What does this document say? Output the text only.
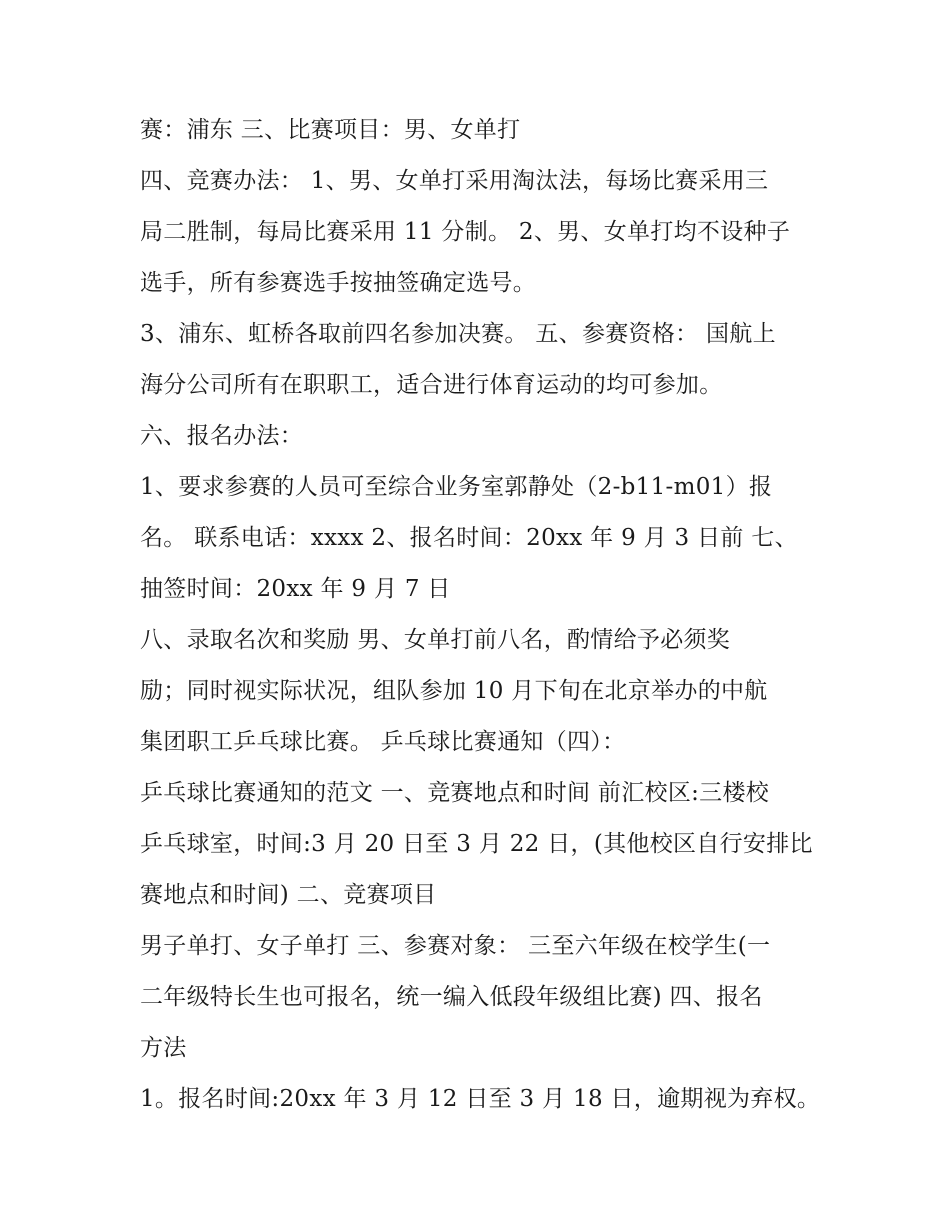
赛：浦东 三、比赛项目：男、女单打
四、竞赛办法： 1、男、女单打采用淘汰法，每场比赛采用三
局二胜制，每局比赛采用 11 分制。 2、男、女单打均不设种子
选手，所有参赛选手按抽签确定选号。
3、浦东、虹桥各取前四名参加决赛。 五、参赛资格： 国航上
海分公司所有在职职工，适合进行体育运动的均可参加。
六、报名办法：
1、要求参赛的人员可至综合业务室郭静处（2-b11-m01）报
名。 联系电话：xxxx 2、报名时间：20xx 年 9 月 3 日前 七、
抽签时间：20xx 年 9 月 7 日
八、录取名次和奖励 男、女单打前八名，酌情给予必须奖
励；同时视实际状况，组队参加 10 月下旬在北京举办的中航
集团职工乒乓球比赛。 乒乓球比赛通知（四）：
乒乓球比赛通知的范文 一、竞赛地点和时间 前汇校区:三楼校
乒乓球室，时间:3 月 20 日至 3 月 22 日，(其他校区自行安排比
赛地点和时间) 二、竞赛项目
男子单打、女子单打 三、参赛对象： 三至六年级在校学生(一
二年级特长生也可报名，统一编入低段年级组比赛) 四、报名
方法
1。报名时间:20xx 年 3 月 12 日至 3 月 18 日，逾期视为弃权。
